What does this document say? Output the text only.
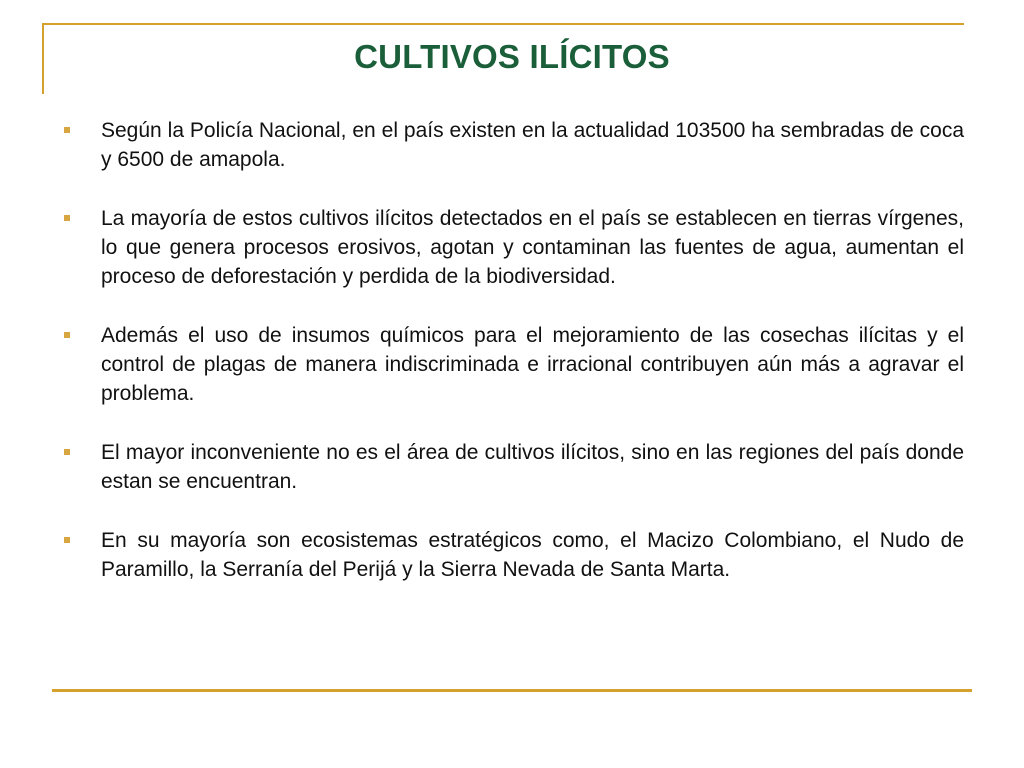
CULTIVOS ILÍCITOS
Según la Policía Nacional, en el país existen en la actualidad 103500 ha sembradas de coca y 6500 de amapola.
La mayoría de estos cultivos ilícitos detectados en el país se establecen en tierras vírgenes, lo que genera procesos erosivos, agotan y contaminan las fuentes de agua, aumentan el proceso de deforestación y perdida de la biodiversidad.
Además el uso de insumos químicos para el mejoramiento de las cosechas ilícitas y el control de plagas de manera indiscriminada e irracional contribuyen aún más a agravar el problema.
El mayor inconveniente no es el área de cultivos ilícitos, sino en las regiones del país donde estan se encuentran.
En su mayoría son ecosistemas estratégicos como, el Macizo Colombiano, el Nudo de Paramillo, la Serranía del Perijá y la Sierra Nevada de Santa Marta.
